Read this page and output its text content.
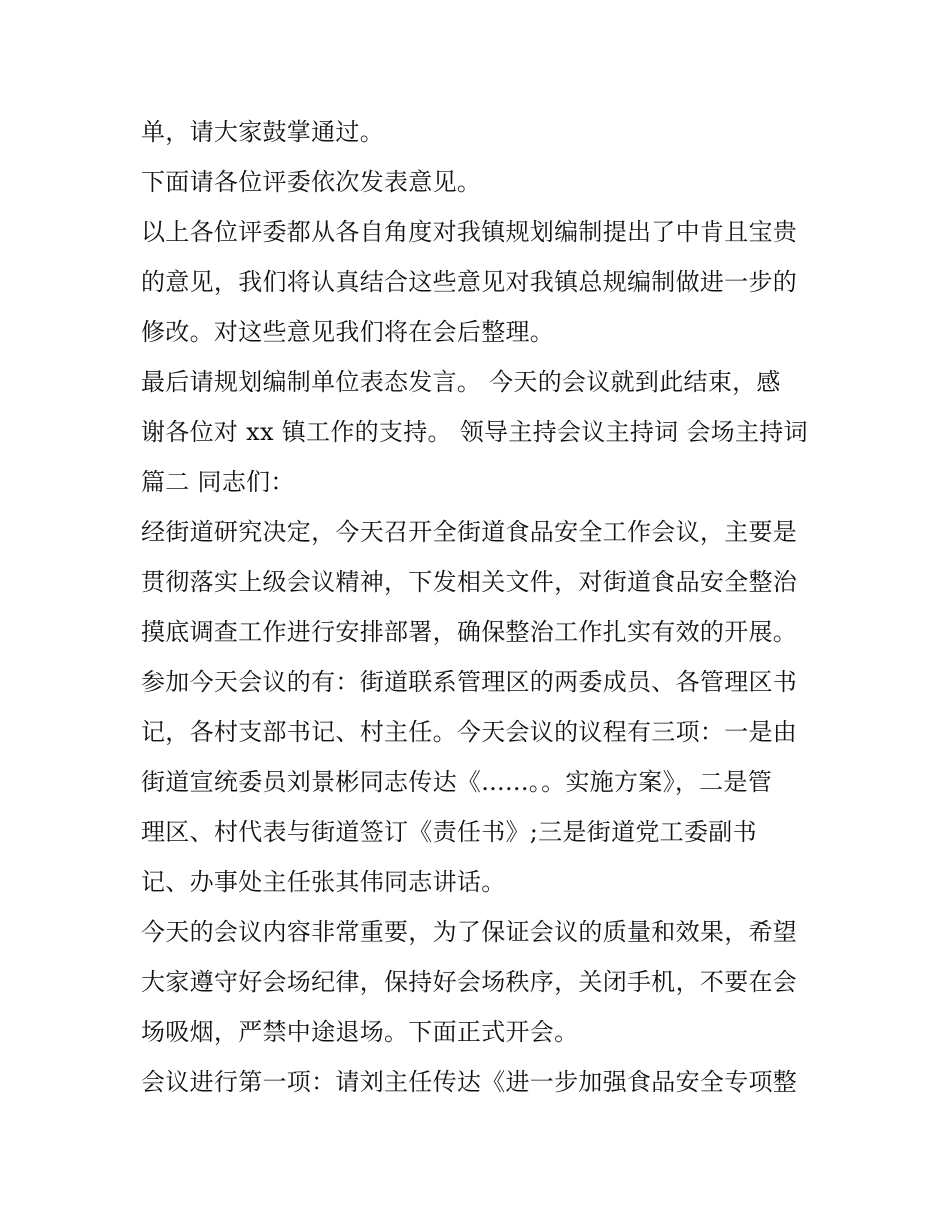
单，请大家鼓掌通过。
下面请各位评委依次发表意见。
以上各位评委都从各自角度对我镇规划编制提出了中肯且宝贵
的意见，我们将认真结合这些意见对我镇总规编制做进一步的
修改。对这些意见我们将在会后整理。
最后请规划编制单位表态发言。 今天的会议就到此结束，感
谢各位对 xx 镇工作的支持。 领导主持会议主持词 会场主持词
篇二 同志们：
经街道研究决定，今天召开全街道食品安全工作会议，主要是
贯彻落实上级会议精神，下发相关文件，对街道食品安全整治
摸底调查工作进行安排部署，确保整治工作扎实有效的开展。
参加今天会议的有：街道联系管理区的两委成员、各管理区书
记，各村支部书记、村主任。今天会议的议程有三项：一是由
街道宣统委员刘景彬同志传达《......。。实施方案》，二是管
理区、村代表与街道签订《责任书》;三是街道党工委副书
记、办事处主任张其伟同志讲话。
今天的会议内容非常重要，为了保证会议的质量和效果，希望
大家遵守好会场纪律，保持好会场秩序，关闭手机，不要在会
场吸烟，严禁中途退场。下面正式开会。
会议进行第一项：请刘主任传达《进一步加强食品安全专项整
